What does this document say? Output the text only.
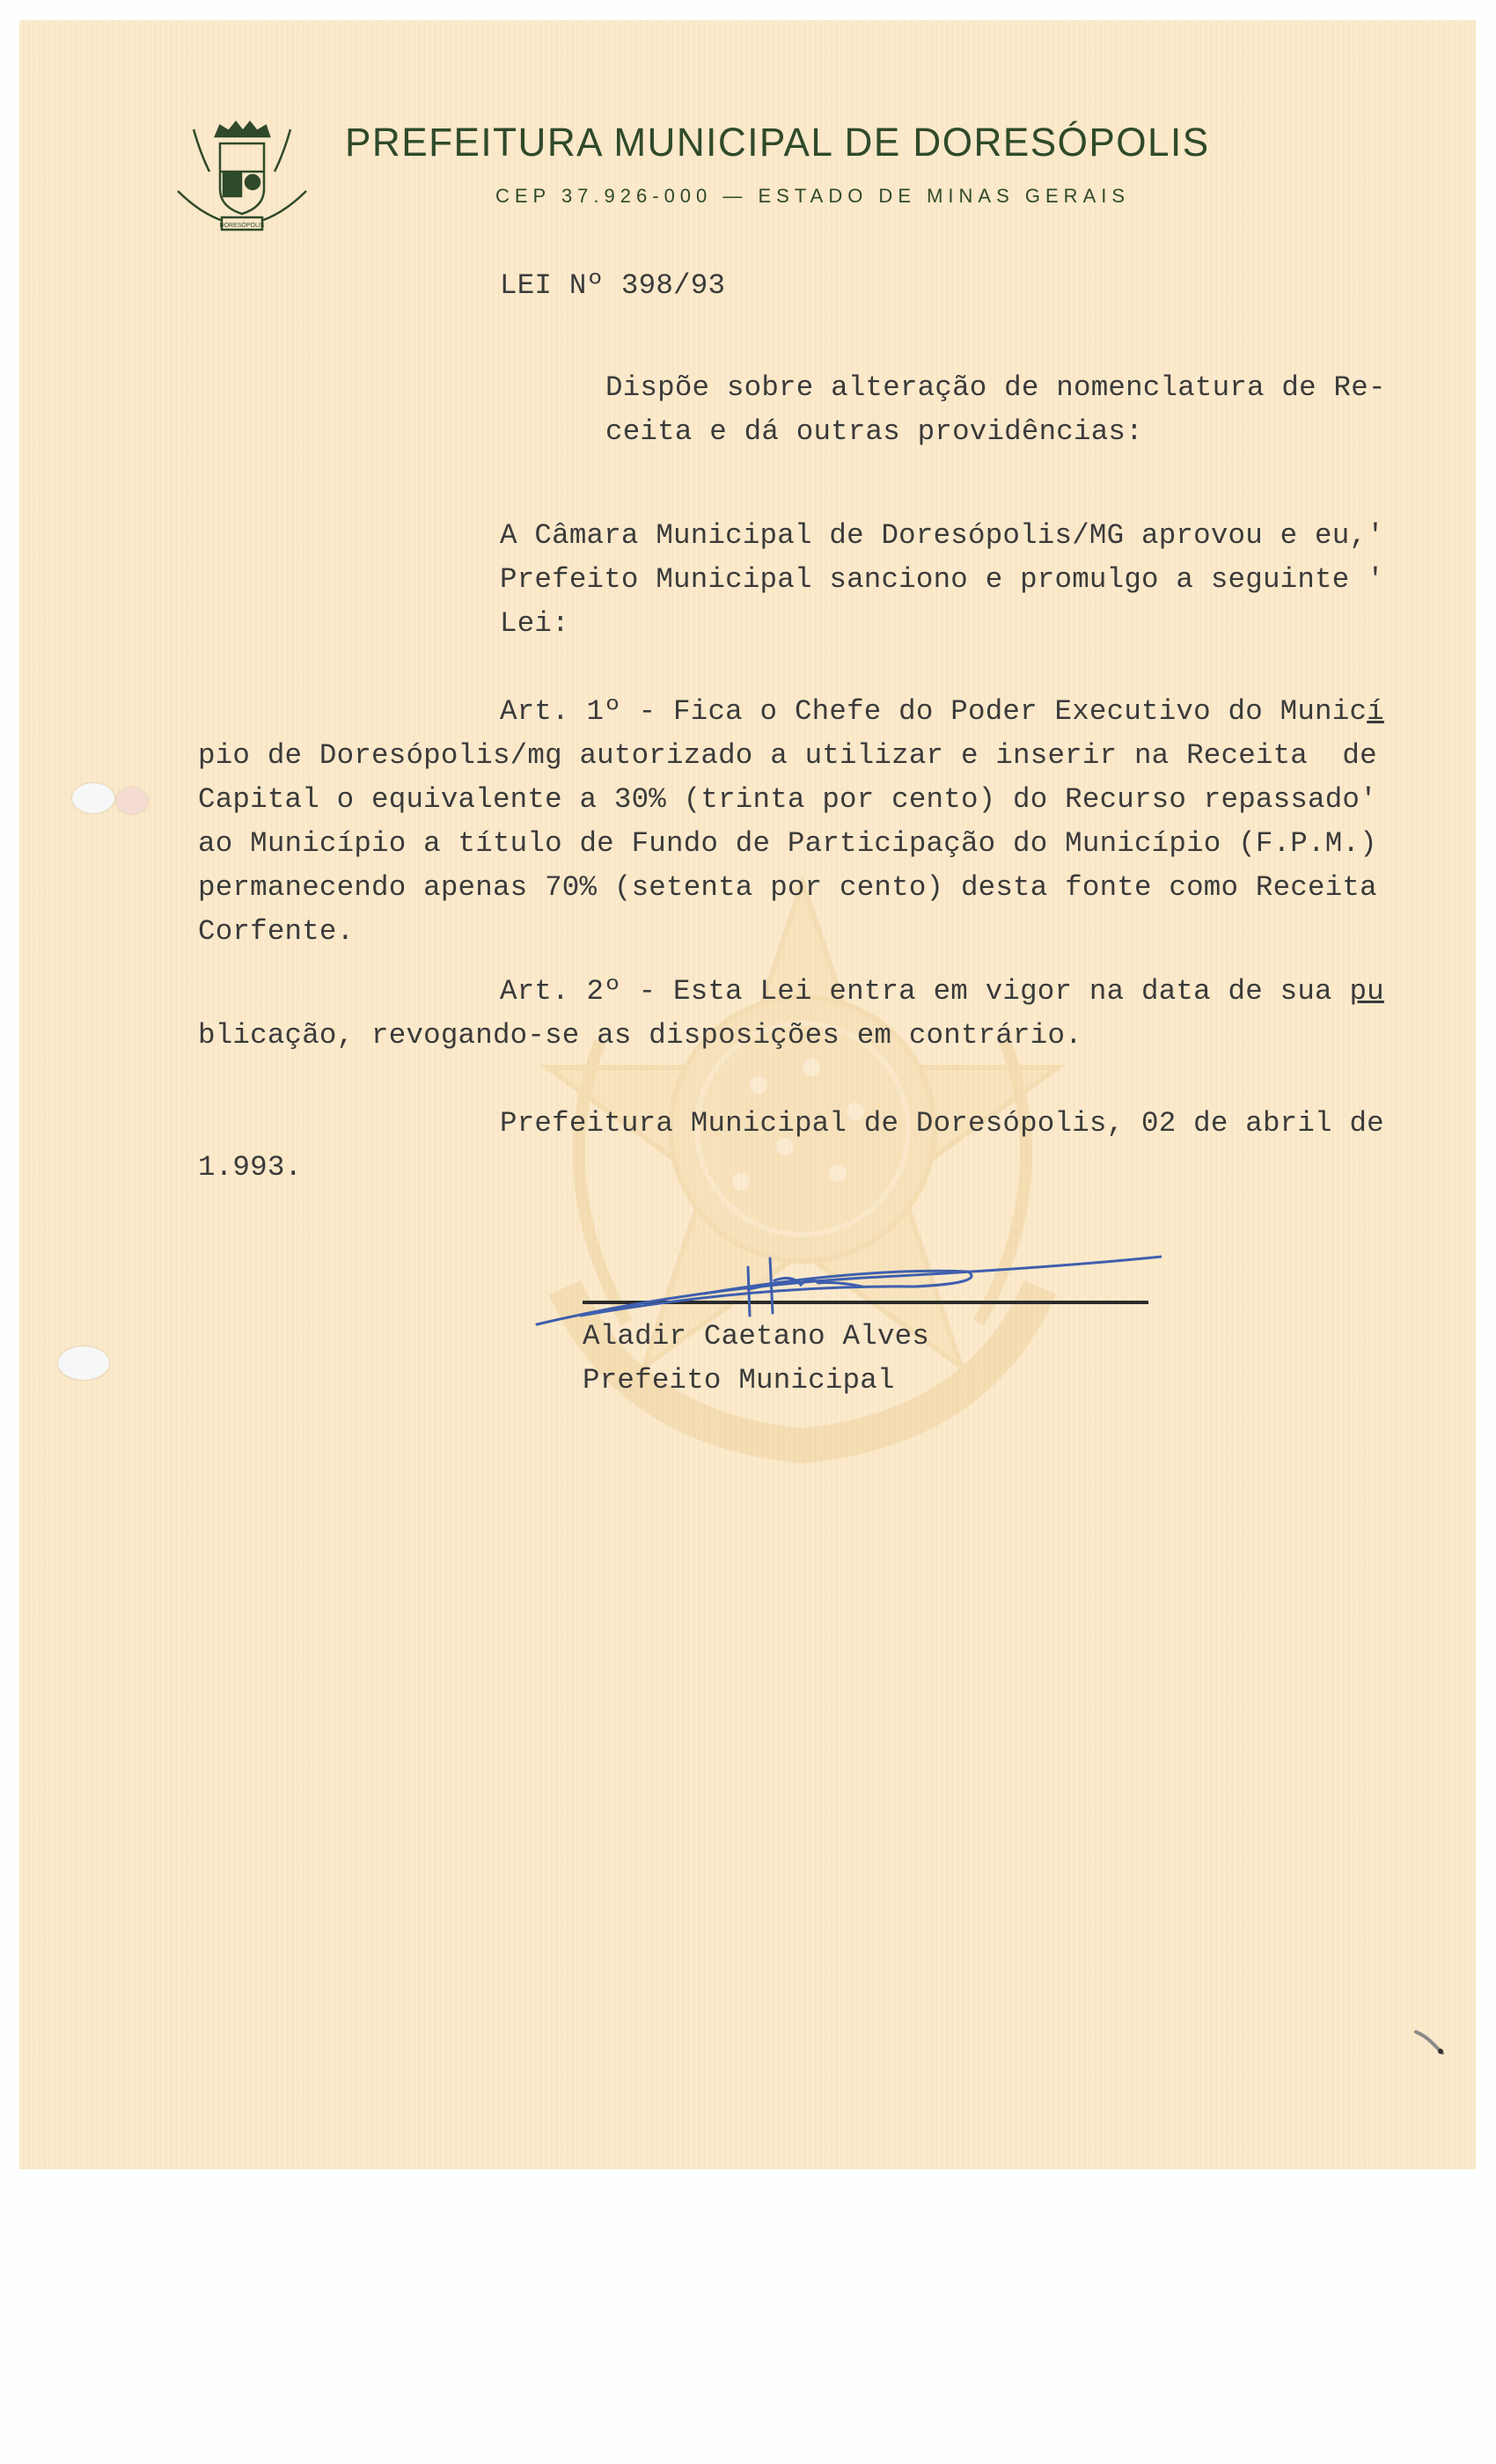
DORESÓPOLIS
PREFEITURA MUNICIPAL DE DORESÓPOLIS
CEP 37.926-000 — ESTADO DE MINAS GERAIS
LEI Nº 398/93
Dispõe sobre alteração de nomenclatura de Re-
ceita e dá outras providências:
A Câmara Municipal de Doresópolis/MG aprovou e eu,'
Prefeito Municipal sanciono e promulgo a seguinte '
Lei:
Art. 1º - Fica o Chefe do Poder Executivo do Municí
pio de Doresópolis/mg autorizado a utilizar e inserir na Receita  de
Capital o equivalente a 30% (trinta por cento) do Recurso repassado'
ao Município a título de Fundo de Participação do Município (F.P.M.)
permanecendo apenas 70% (setenta por cento) desta fonte como Receita
Corfente.
Art. 2º - Esta Lei entra em vigor na data de sua pu
blicação, revogando-se as disposições em contrário.
Prefeitura Municipal de Doresópolis, 02 de abril de
1.993.
Aladir Caetano Alves
Prefeito Municipal
